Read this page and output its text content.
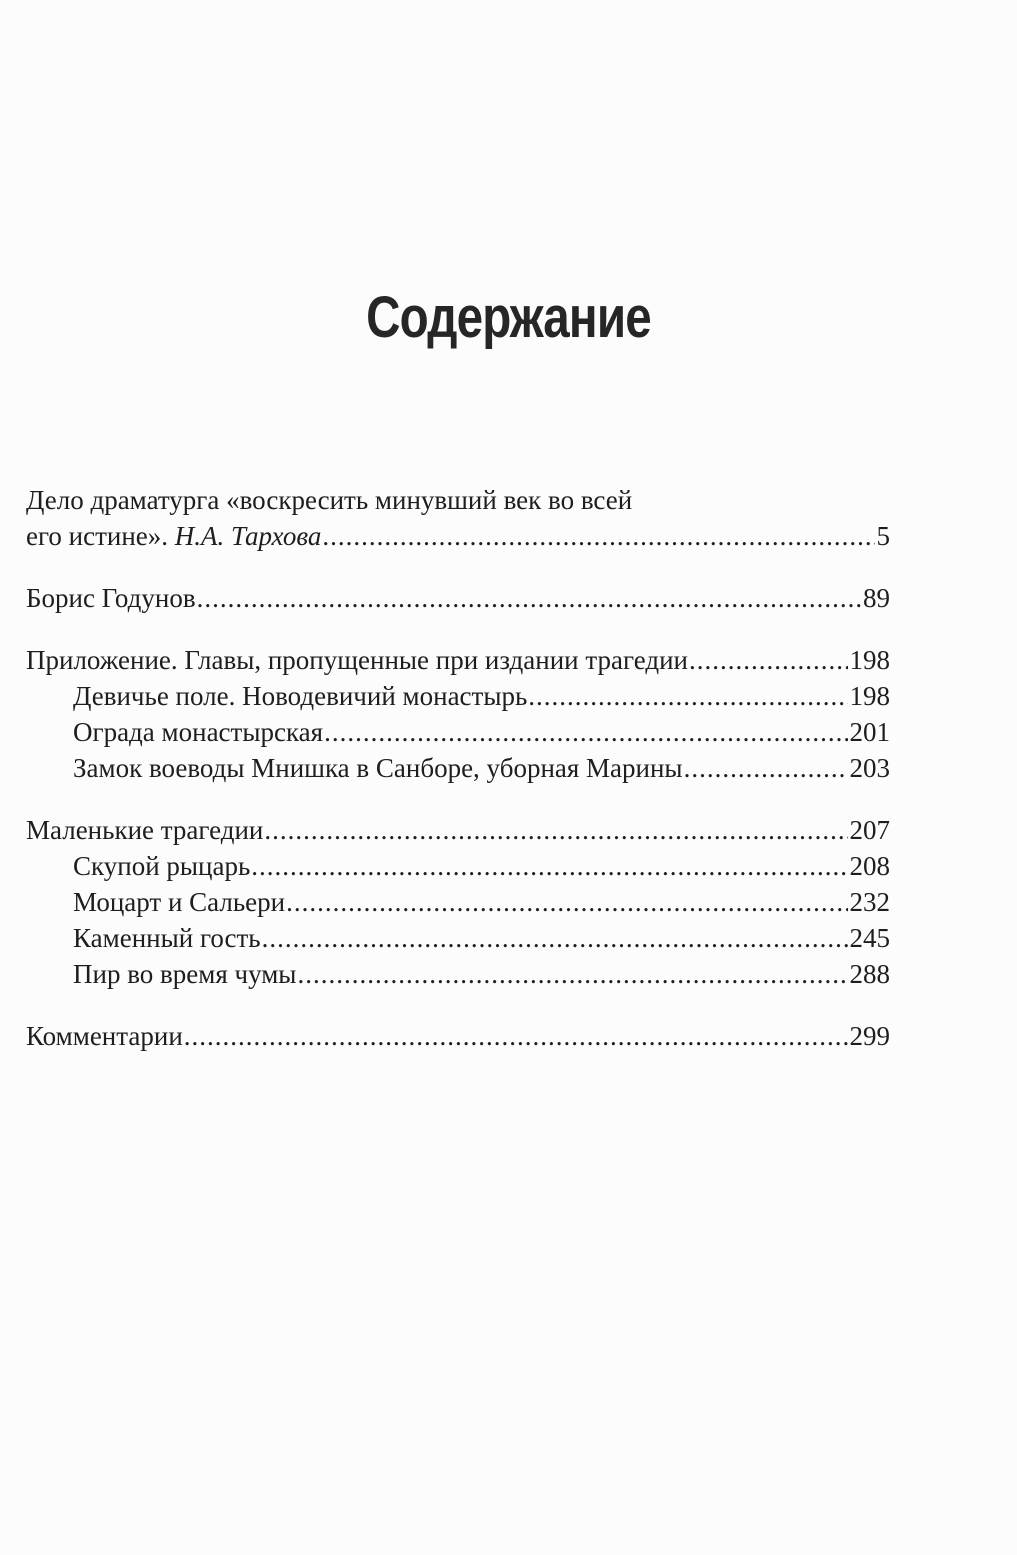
Содержание
Дело драматурга «воскресить минувший век во всей
его истине». Н.А. Тархова .....	5
Борис Годунов .....	89
Приложение. Главы, пропущенные при издании трагедии .....	198
Девичье поле. Новодевичий монастырь .....	198
Ограда монастырская .....	201
Замок воеводы Мнишка в Санборе, уборная Марины .....	203
Маленькие трагедии .....	207
Скупой рыцарь .....	208
Моцарт и Сальери .....	232
Каменный гость .....	245
Пир во время чумы .....	288
Комментарии .....	299
